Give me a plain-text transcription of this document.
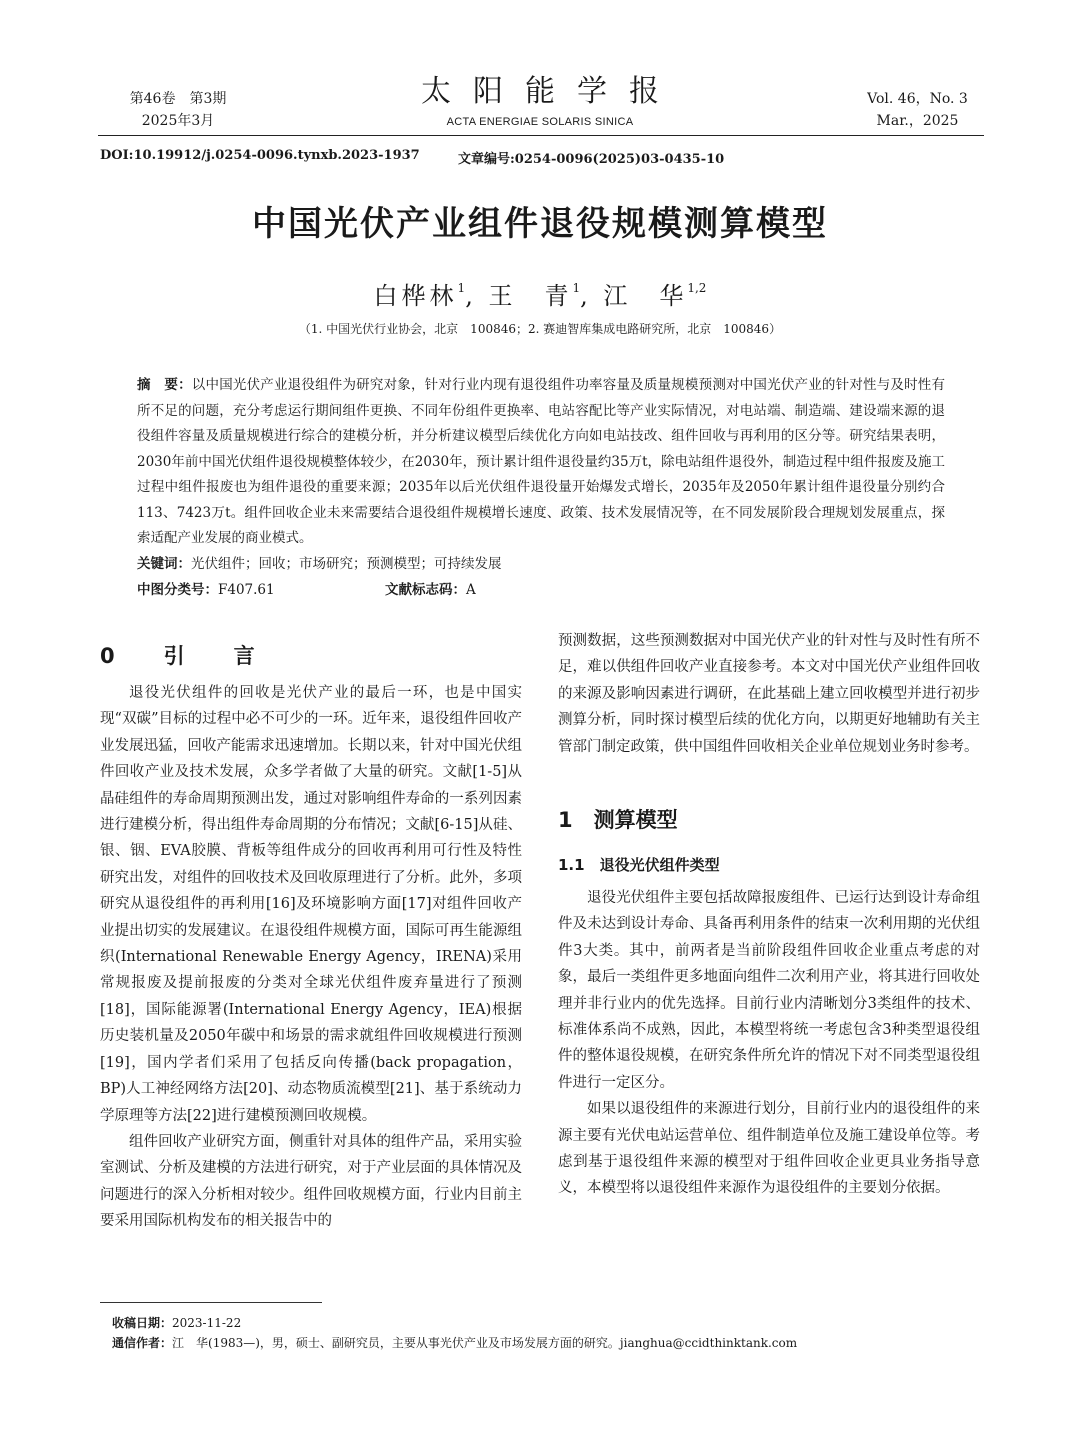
第46卷　第3期
2025年3月
太阳能学报
ACTA ENERGIAE SOLARIS SINICA
Vol. 46，No. 3
Mar.，2025
DOI:10.19912/j.0254-0096.tynxb.2023-1937	文章编号:0254-0096(2025)03-0435-10
中国光伏产业组件退役规模测算模型
白桦林$^1$, 王　青$^1$, 江　华$^{1,2}$
（1. 中国光伏行业协会，北京　100846；2. 赛迪智库集成电路研究所，北京　100846）
摘　要：以中国光伏产业退役组件为研究对象，针对行业内现有退役组件功率容量及质量规模预测对中国光伏产业的针对性与及时性有所不足的问题，充分考虑运行期间组件更换、不同年份组件更换率、电站容配比等产业实际情况，对电站端、制造端、建设端来源的退役组件容量及质量规模进行综合的建模分析，并分析建议模型后续优化方向如电站技改、组件回收与再利用的区分等。研究结果表明，2030年前中国光伏组件退役规模整体较少，在2030年，预计累计组件退役量约35万t，除电站组件退役外，制造过程中组件报废及施工过程中组件报废也为组件退役的重要来源；2035年以后光伏组件退役量开始爆发式增长，2035年及2050年累计组件退役量分别约合113、7423万t。组件回收企业未来需要结合退役组件规模增长速度、政策、技术发展情况等，在不同发展阶段合理规划发展重点，探索适配产业发展的商业模式。
关键词：光伏组件；回收；市场研究；预测模型；可持续发展
中图分类号：F407.61	文献标志码：A
0　引　言

退役光伏组件的回收是光伏产业的最后一环，也是中国实现“双碳”目标的过程中必不可少的一环。近年来，退役组件回收产业发展迅猛，回收产能需求迅速增加。长期以来，针对中国光伏组件回收产业及技术发展，众多学者做了大量的研究。文献[1-5]从晶硅组件的寿命周期预测出发，通过对影响组件寿命的一系列因素进行建模分析，得出组件寿命周期的分布情况；文献[6-15]从硅、银、铟、EVA胶膜、背板等组件成分的回收再利用可行性及特性研究出发，对组件的回收技术及回收原理进行了分析。此外，多项研究从退役组件的再利用[16]及环境影响方面[17]对组件回收产业提出切实的发展建议。在退役组件规模方面，国际可再生能源组织(International Renewable Energy Agency，IRENA)采用常规报废及提前报废的分类对全球光伏组件废弃量进行了预测[18]，国际能源署(International Energy Agency，IEA)根据历史装机量及2050年碳中和场景的需求就组件回收规模进行预测[19]，国内学者们采用了包括反向传播(back propagation，BP)人工神经网络方法[20]、动态物质流模型[21]、基于系统动力学原理等方法[22]进行建模预测回收规模。

组件回收产业研究方面，侧重针对具体的组件产品，采用实验室测试、分析及建模的方法进行研究，对于产业层面的具体情况及问题进行的深入分析相对较少。组件回收规模方面，行业内目前主要采用国际机构发布的相关报告中的

预测数据，这些预测数据对中国光伏产业的针对性与及时性有所不足，难以供组件回收产业直接参考。本文对中国光伏产业组件回收的来源及影响因素进行调研，在此基础上建立回收模型并进行初步测算分析，同时探讨模型后续的优化方向，以期更好地辅助有关主管部门制定政策，供中国组件回收相关企业单位规划业务时参考。

1　测算模型
1.1　退役光伏组件类型

退役光伏组件主要包括故障报废组件、已运行达到设计寿命组件及未达到设计寿命、具备再利用条件的结束一次利用期的光伏组件3大类。其中，前两者是当前阶段组件回收企业重点考虑的对象，最后一类组件更多地面向组件二次利用产业，将其进行回收处理并非行业内的优先选择。目前行业内清晰划分3类组件的技术、标准体系尚不成熟，因此，本模型将统一考虑包含3种类型退役组件的整体退役规模，在研究条件所允许的情况下对不同类型退役组件进行一定区分。

如果以退役组件的来源进行划分，目前行业内的退役组件的来源主要有光伏电站运营单位、组件制造单位及施工建设单位等。考虑到基于退役组件来源的模型对于组件回收企业更具业务指导意义，本模型将以退役组件来源作为退役组件的主要划分依据。

收稿日期：2023-11-22
通信作者：江　华(1983—)，男，硕士、副研究员，主要从事光伏产业及市场发展方面的研究。jianghua@ccidthinktank.com
